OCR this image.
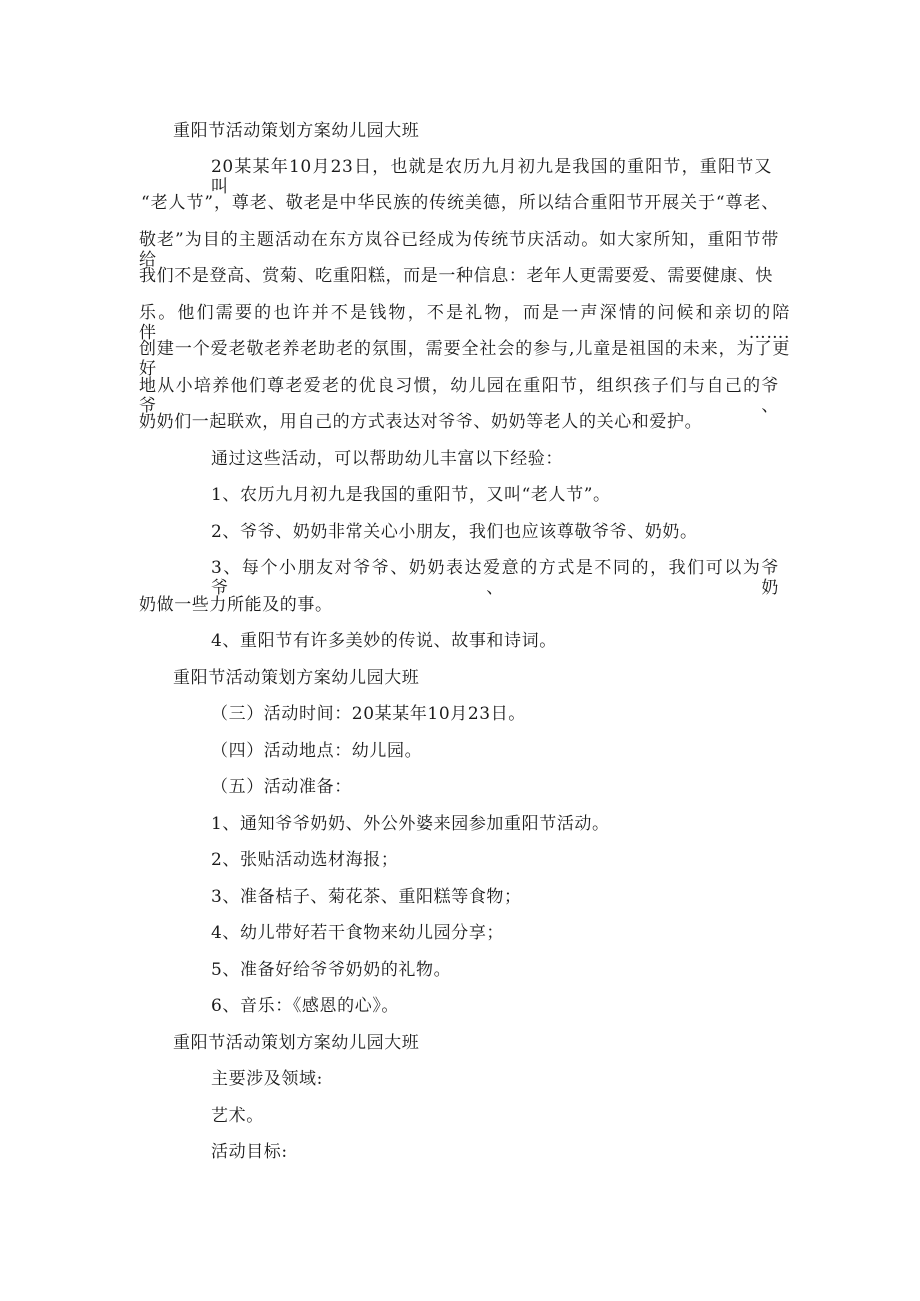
重阳节活动策划方案幼儿园大班
20某某年10月23日，也就是农历九月初九是我国的重阳节，重阳节又叫
“老人节”，尊老、敬老是中华民族的传统美德，所以结合重阳节开展关于“尊老、
敬老”为目的主题活动在东方岚谷已经成为传统节庆活动。如大家所知，重阳节带给
我们不是登高、赏菊、吃重阳糕，而是一种信息：老年人更需要爱、需要健康、快
乐。他们需要的也许并不是钱物，不是礼物，而是一声深情的问候和亲切的陪伴…….
创建一个爱老敬老养老助老的氛围，需要全社会的参与,儿童是祖国的未来，为了更好
地从小培养他们尊老爱老的优良习惯，幼儿园在重阳节，组织孩子们与自己的爷爷、
奶奶们一起联欢，用自己的方式表达对爷爷、奶奶等老人的关心和爱护。
通过这些活动，可以帮助幼儿丰富以下经验：
1、农历九月初九是我国的重阳节，又叫“老人节”。
2、爷爷、奶奶非常关心小朋友，我们也应该尊敬爷爷、奶奶。
3、每个小朋友对爷爷、奶奶表达爱意的方式是不同的，我们可以为爷爷、奶
奶做一些力所能及的事。
4、重阳节有许多美妙的传说、故事和诗词。
重阳节活动策划方案幼儿园大班
（三）活动时间：20某某年10月23日。
（四）活动地点：幼儿园。
（五）活动准备：
1、通知爷爷奶奶、外公外婆来园参加重阳节活动。
2、张贴活动选材海报；
3、准备桔子、菊花茶、重阳糕等食物；
4、幼儿带好若干食物来幼儿园分享；
5、准备好给爷爷奶奶的礼物。
6、音乐：《感恩的心》。
重阳节活动策划方案幼儿园大班
主要涉及领域:
艺术。
活动目标:
